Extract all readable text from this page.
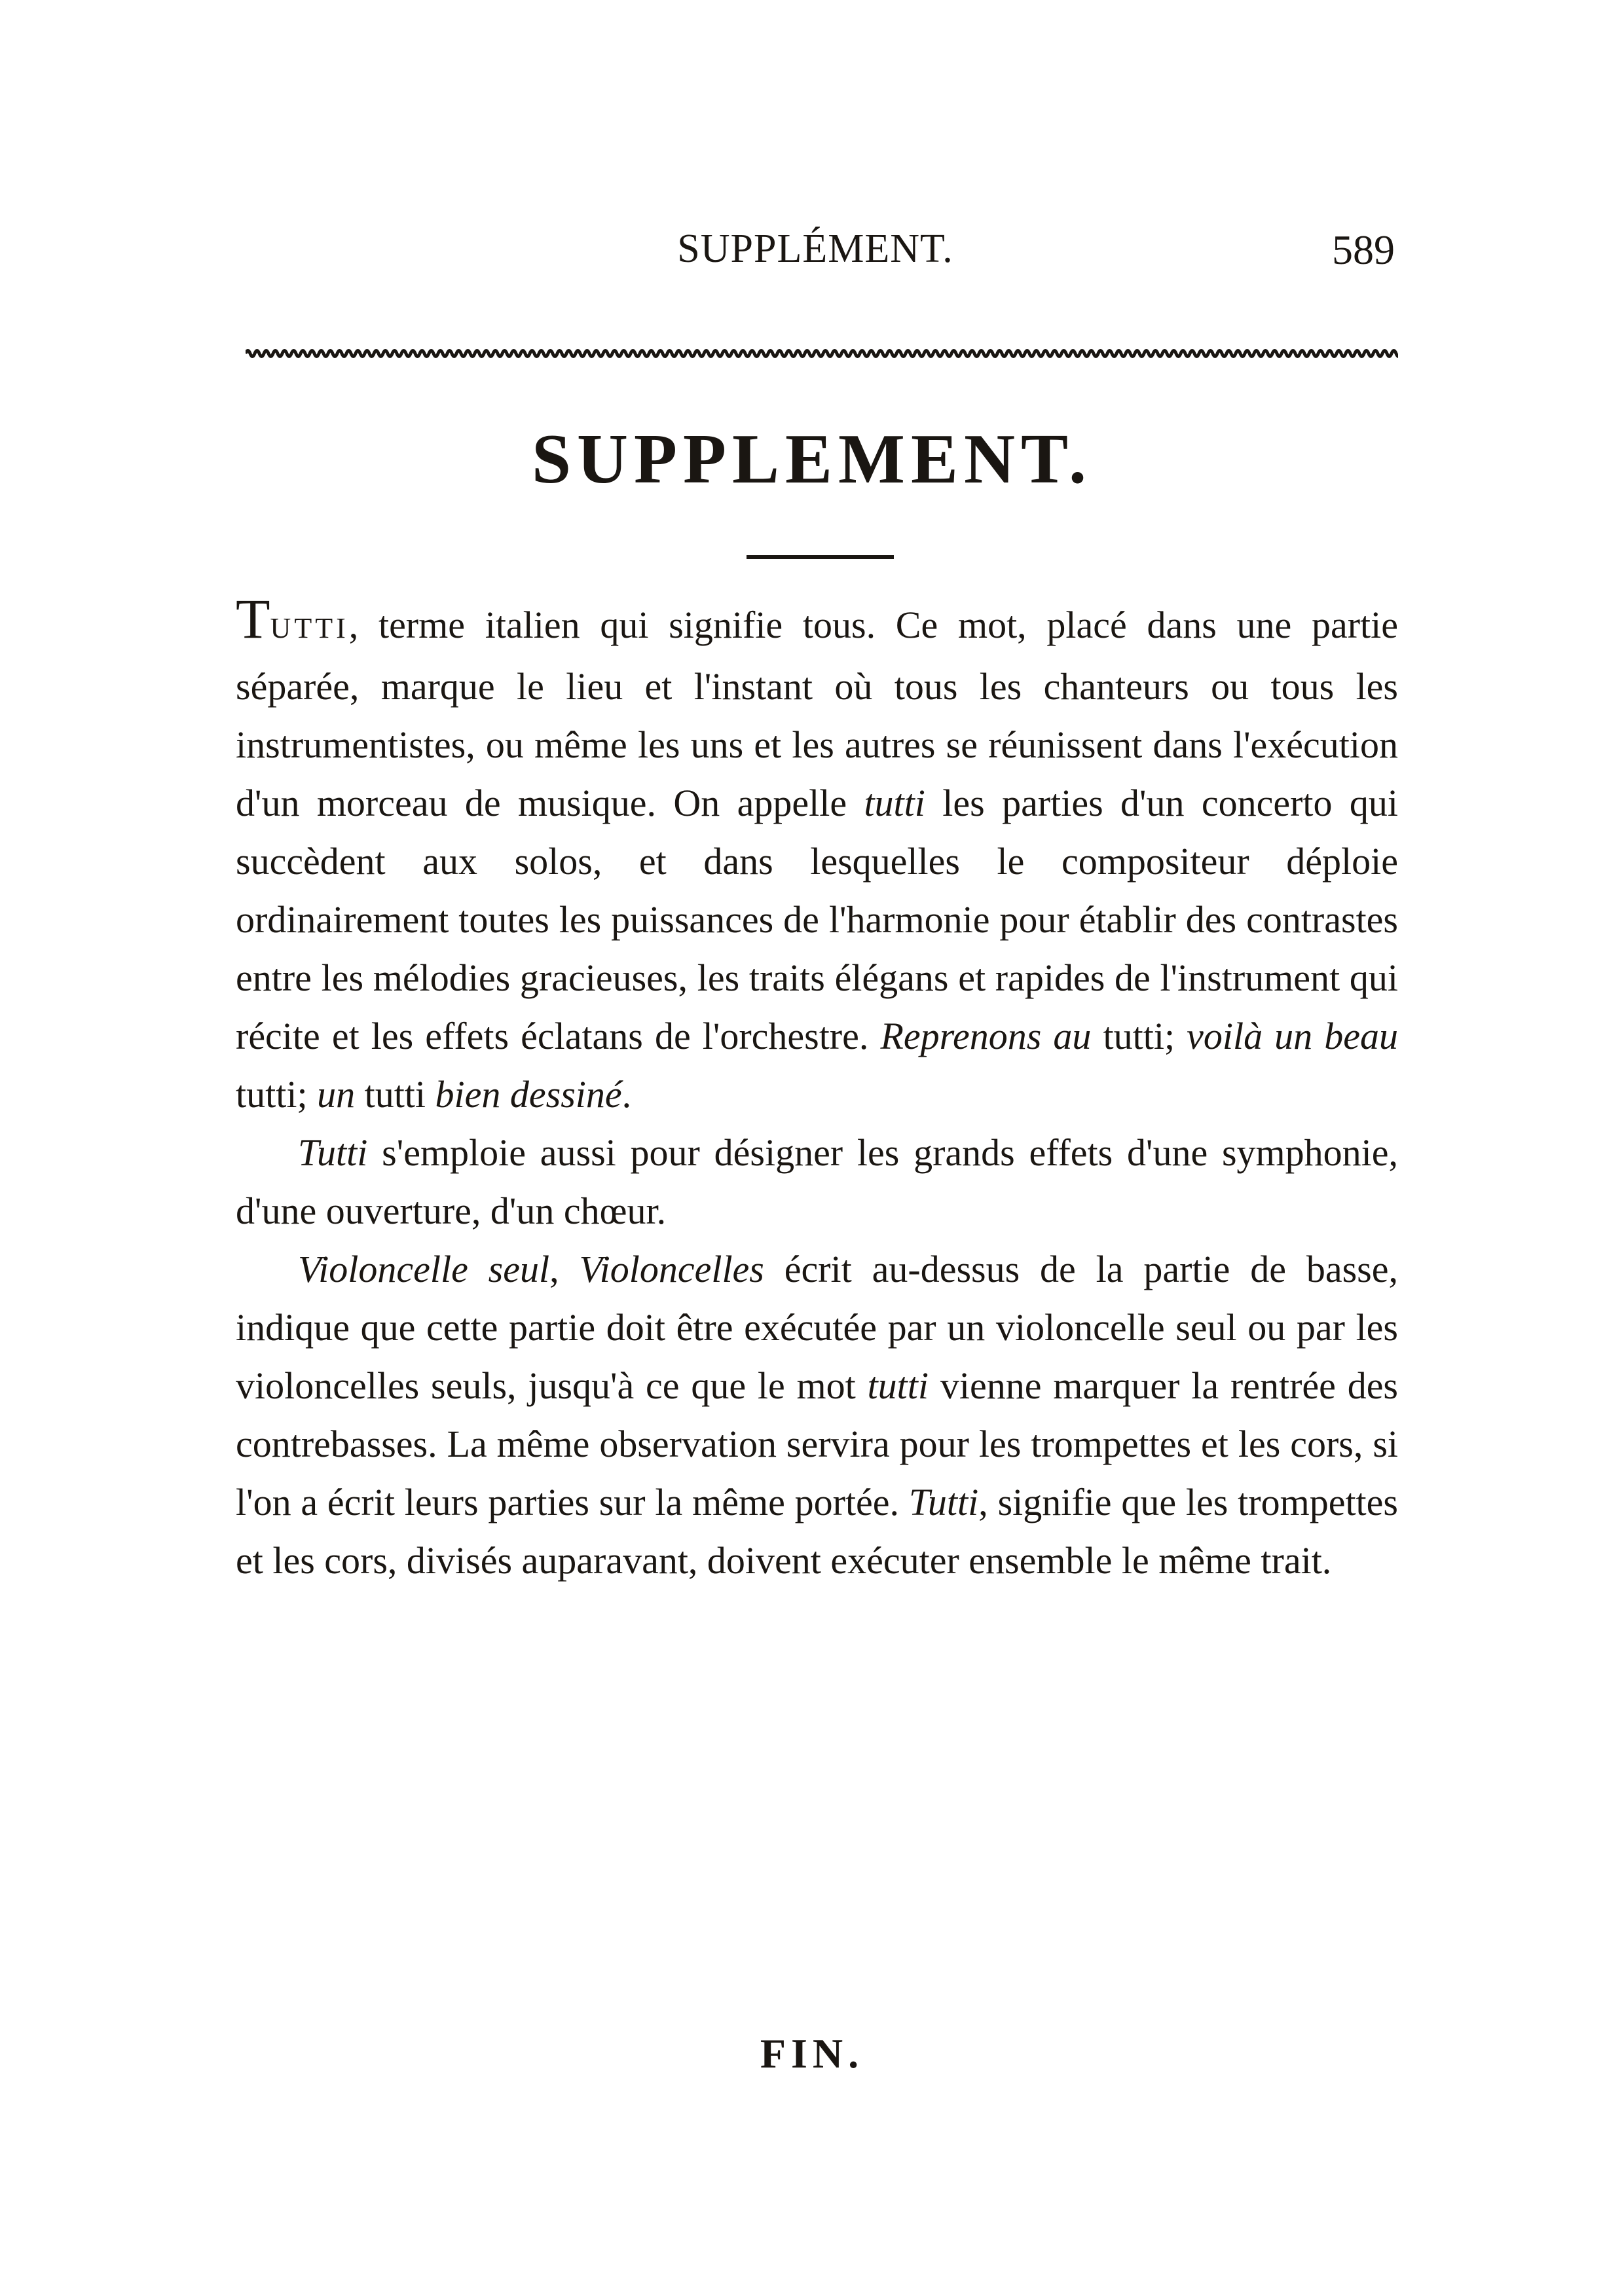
SUPPLÉMENT.	589
SUPPLEMENT.

TUTTI, terme italien qui signifie tous. Ce mot, placé dans une partie séparée, marque le lieu et l'instant où tous les chanteurs ou tous les instrumentistes, ou même les uns et les autres se réunissent dans l'exécution d'un morceau de musique. On appelle tutti les parties d'un concerto qui succèdent aux solos, et dans lesquelles le compositeur déploie ordinairement toutes les puissances de l'harmonie pour établir des contrastes entre les mélodies gracieuses, les traits élégans et rapides de l'instrument qui récite et les effets éclatans de l'orchestre. Reprenons au tutti; voilà un beau tutti; un tutti bien dessiné.

Tutti s'emploie aussi pour désigner les grands effets d'une symphonie, d'une ouverture, d'un chœur.

Violoncelle seul, Violoncelles écrit au-dessus de la partie de basse, indique que cette partie doit être exécutée par un violoncelle seul ou par les violoncelles seuls, jusqu'à ce que le mot tutti vienne marquer la rentrée des contrebasses. La même observation servira pour les trompettes et les cors, si l'on a écrit leurs parties sur la même portée. Tutti, signifie que les trompettes et les cors, divisés auparavant, doivent exécuter ensemble le même trait.

FIN.
